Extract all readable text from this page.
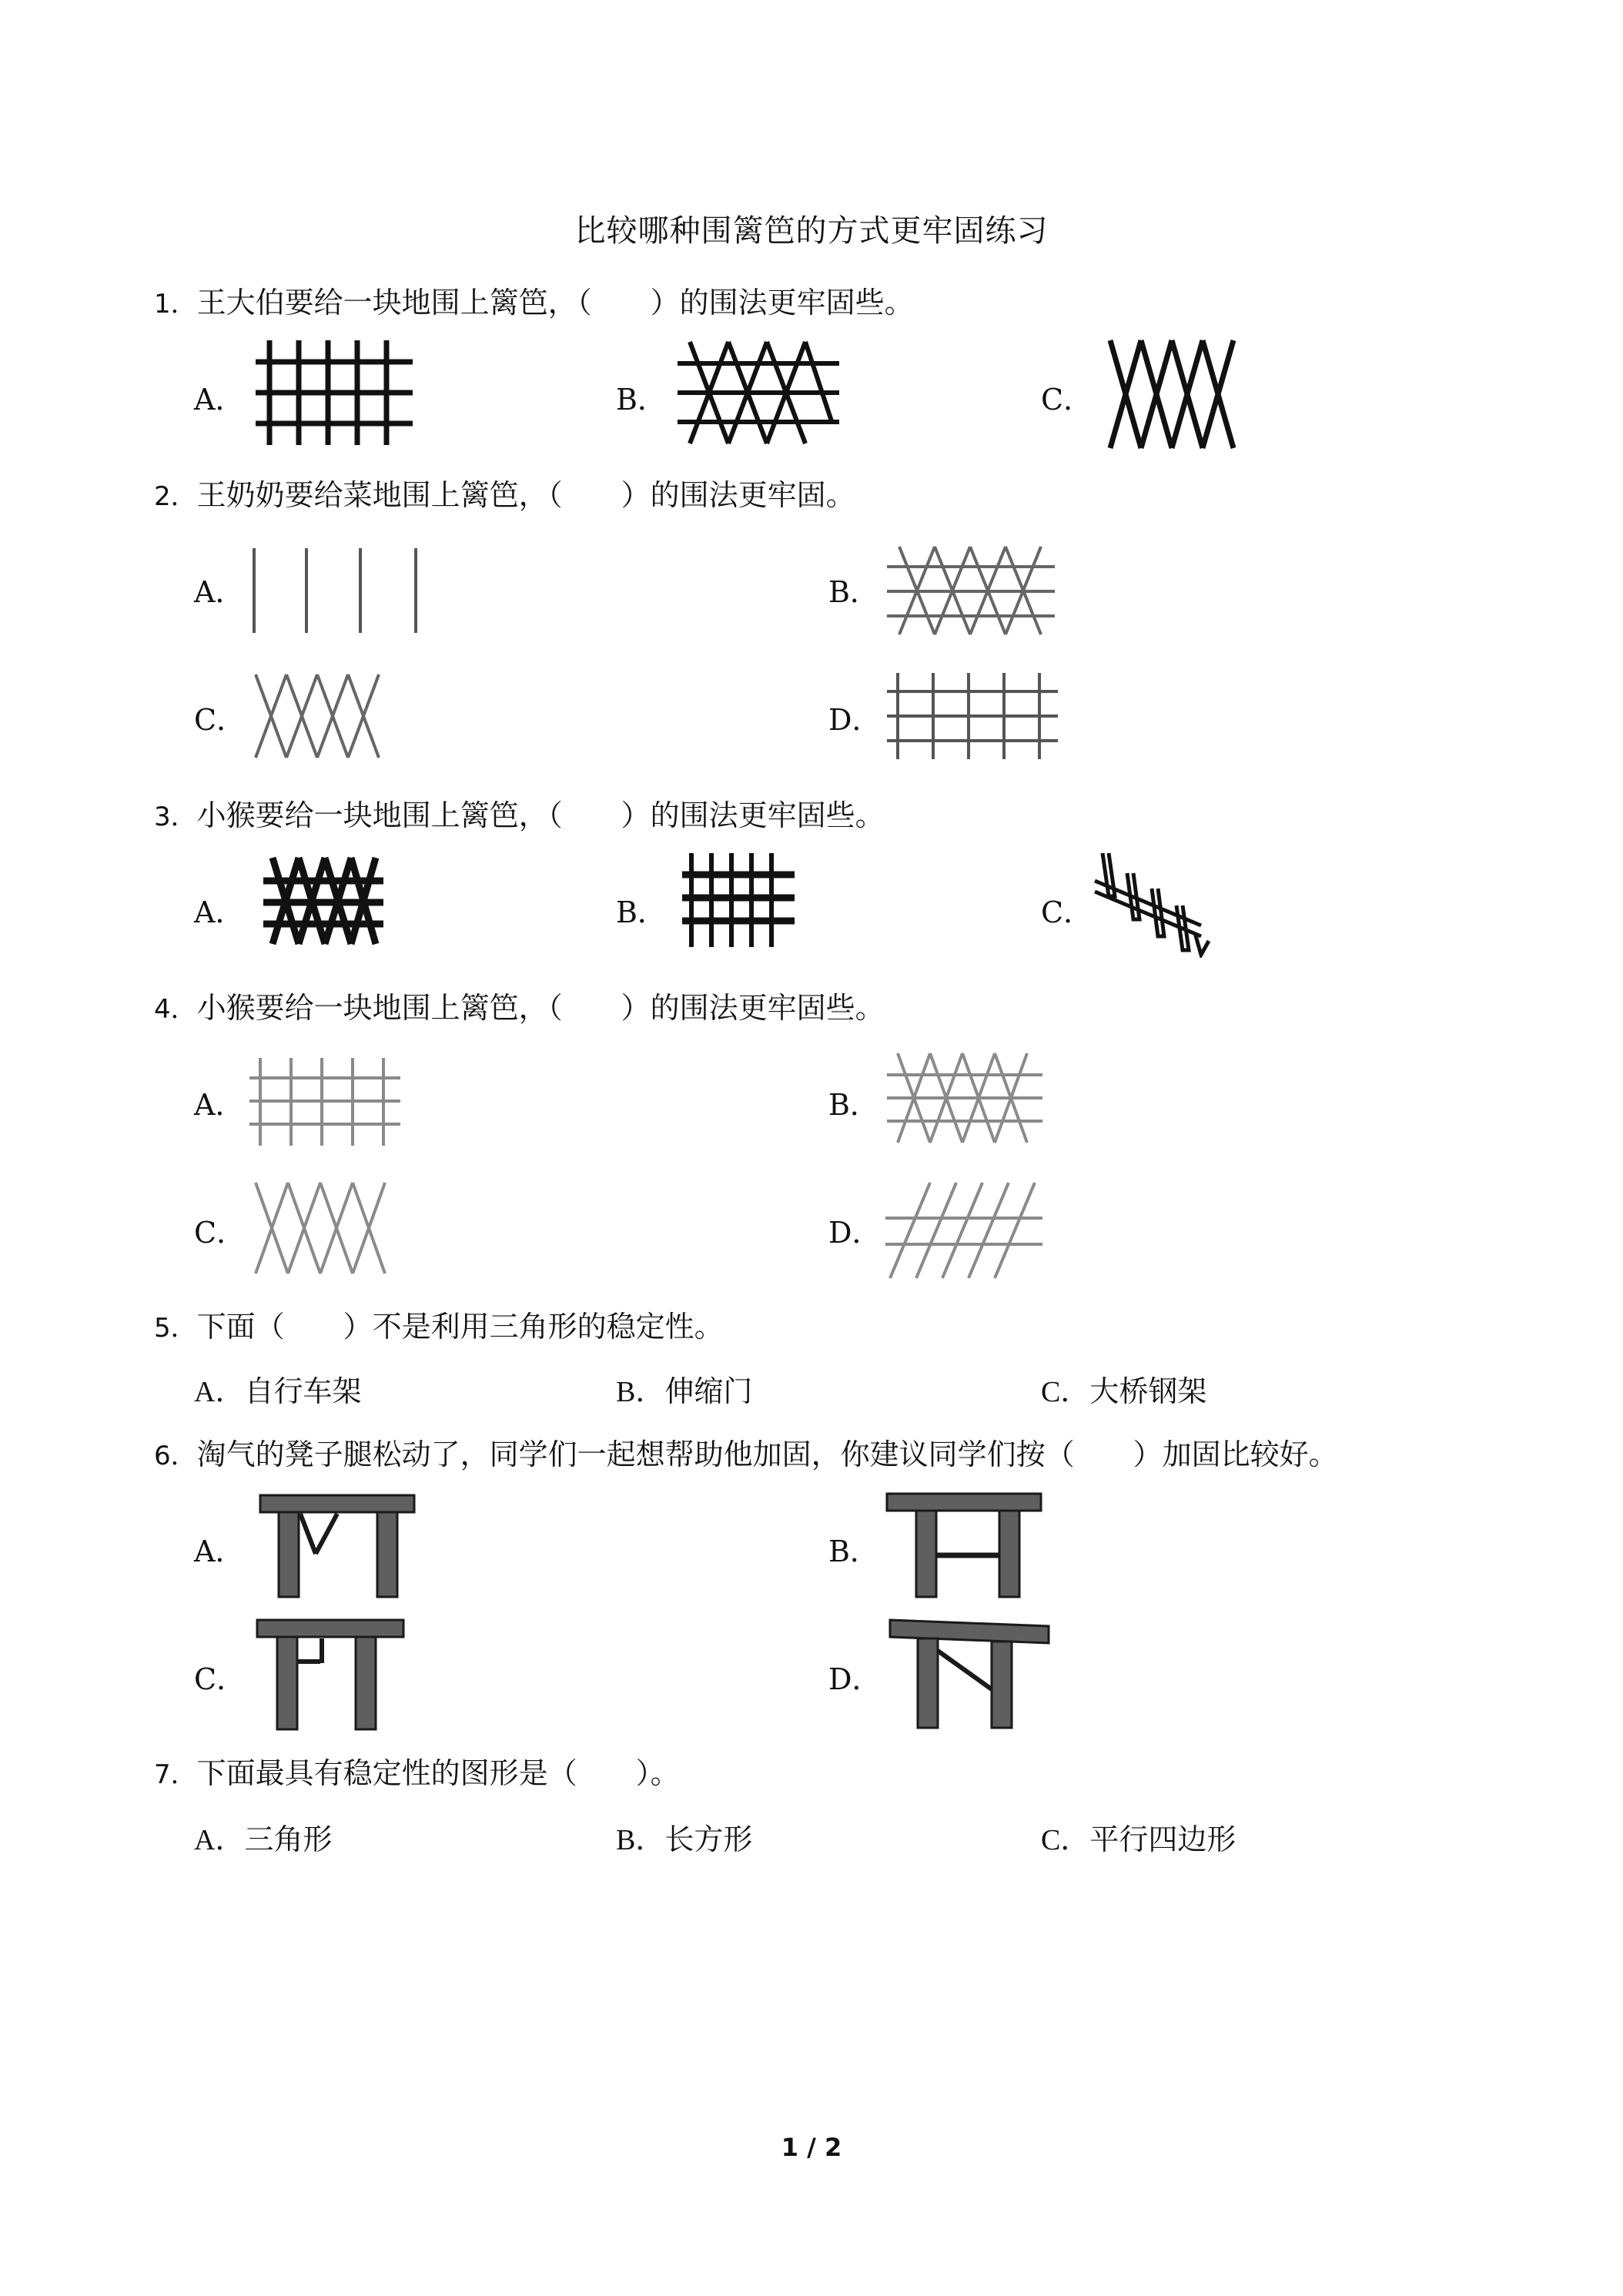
比较哪种围篱笆的方式更牢固练习
1．王大伯要给一块地围上篱笆，（　　）的围法更牢固些。
A．	B．	C．
2．王奶奶要给菜地围上篱笆，（　　）的围法更牢固。
A．	B．
C．	D．
3．小猴要给一块地围上篱笆，（　　）的围法更牢固些。
A．	B．	C．
4．小猴要给一块地围上篱笆，（　　）的围法更牢固些。
A．	B．
C．	D．
5．下面（　　）不是利用三角形的稳定性。
A．自行车架	B．伸缩门	C．大桥钢架
6．淘气的凳子腿松动了，同学们一起想帮助他加固，你建议同学们按（　　）加固比较好。
A．	B．
C．	D．
7．下面最具有稳定性的图形是（　　）。
A．三角形	B．长方形	C．平行四边形
1 / 2
